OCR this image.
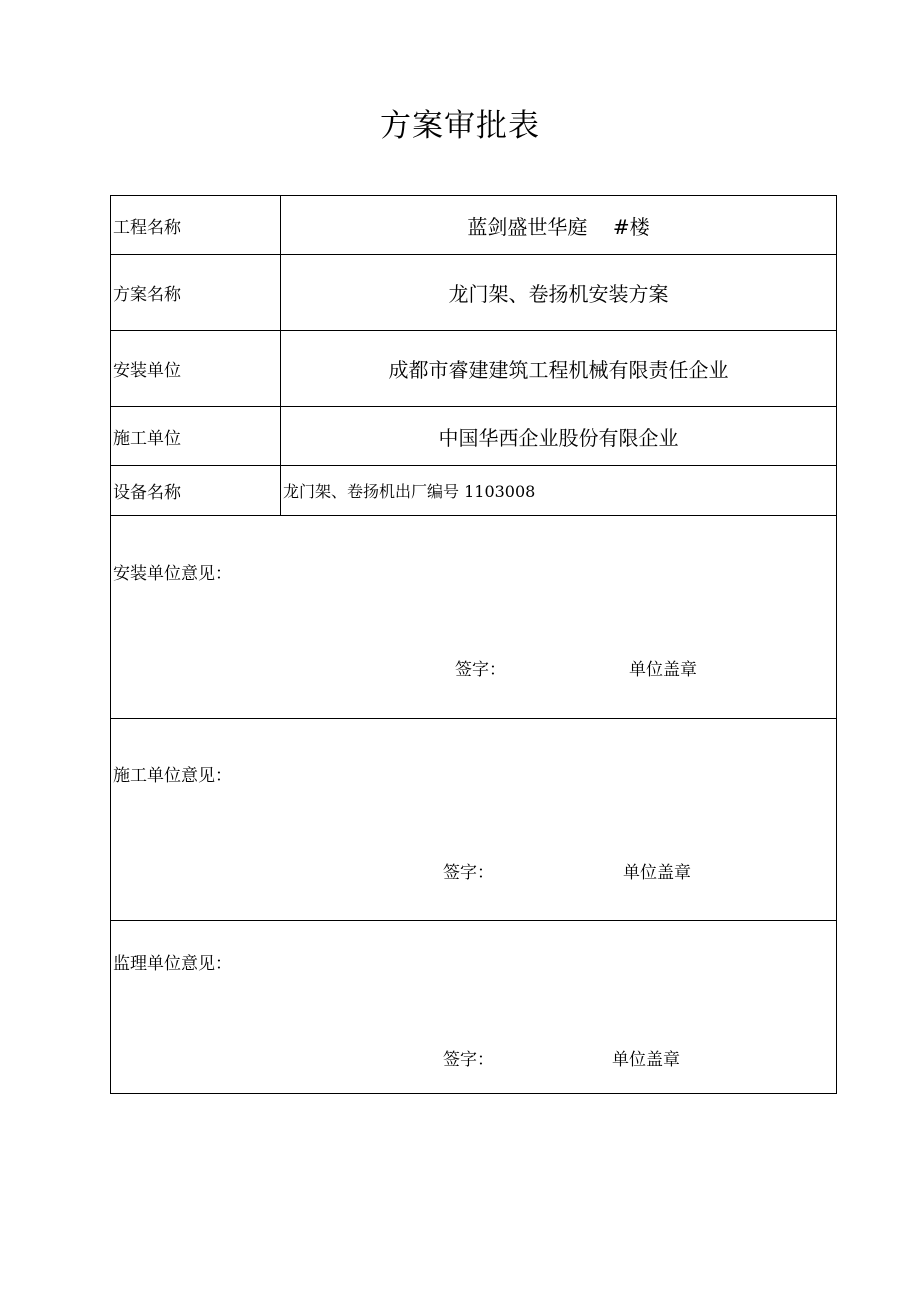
方案审批表
工程名称	蓝剑盛世华庭    #楼
方案名称	龙门架、卷扬机安装方案
安装单位	成都市睿建建筑工程机械有限责任企业
施工单位	中国华西企业股份有限企业
设备名称	龙门架、卷扬机出厂编号 1103008
安装单位意见：
签字：	单位盖章
施工单位意见：
签字：	单位盖章
监理单位意见：
签字：	单位盖章
